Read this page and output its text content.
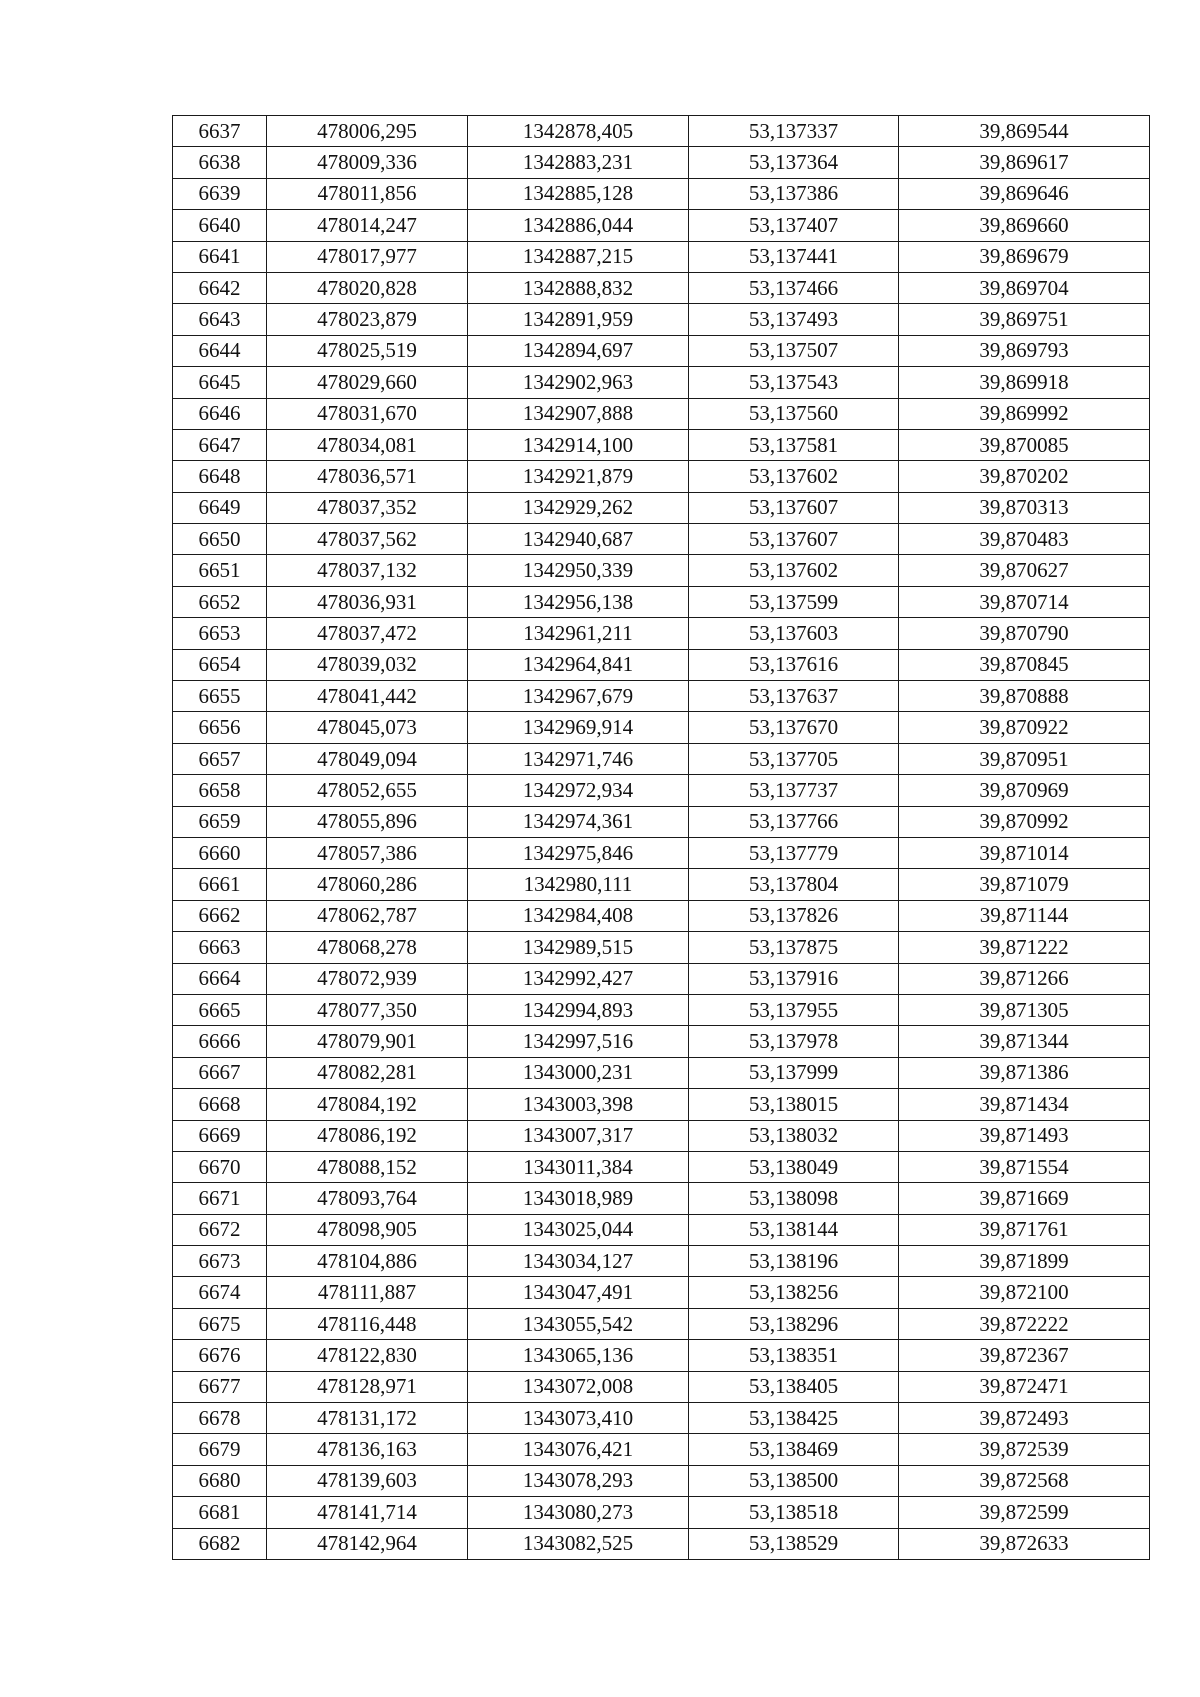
6637	478006,295	1342878,405	53,137337	39,869544
6638	478009,336	1342883,231	53,137364	39,869617
6639	478011,856	1342885,128	53,137386	39,869646
6640	478014,247	1342886,044	53,137407	39,869660
6641	478017,977	1342887,215	53,137441	39,869679
6642	478020,828	1342888,832	53,137466	39,869704
6643	478023,879	1342891,959	53,137493	39,869751
6644	478025,519	1342894,697	53,137507	39,869793
6645	478029,660	1342902,963	53,137543	39,869918
6646	478031,670	1342907,888	53,137560	39,869992
6647	478034,081	1342914,100	53,137581	39,870085
6648	478036,571	1342921,879	53,137602	39,870202
6649	478037,352	1342929,262	53,137607	39,870313
6650	478037,562	1342940,687	53,137607	39,870483
6651	478037,132	1342950,339	53,137602	39,870627
6652	478036,931	1342956,138	53,137599	39,870714
6653	478037,472	1342961,211	53,137603	39,870790
6654	478039,032	1342964,841	53,137616	39,870845
6655	478041,442	1342967,679	53,137637	39,870888
6656	478045,073	1342969,914	53,137670	39,870922
6657	478049,094	1342971,746	53,137705	39,870951
6658	478052,655	1342972,934	53,137737	39,870969
6659	478055,896	1342974,361	53,137766	39,870992
6660	478057,386	1342975,846	53,137779	39,871014
6661	478060,286	1342980,111	53,137804	39,871079
6662	478062,787	1342984,408	53,137826	39,871144
6663	478068,278	1342989,515	53,137875	39,871222
6664	478072,939	1342992,427	53,137916	39,871266
6665	478077,350	1342994,893	53,137955	39,871305
6666	478079,901	1342997,516	53,137978	39,871344
6667	478082,281	1343000,231	53,137999	39,871386
6668	478084,192	1343003,398	53,138015	39,871434
6669	478086,192	1343007,317	53,138032	39,871493
6670	478088,152	1343011,384	53,138049	39,871554
6671	478093,764	1343018,989	53,138098	39,871669
6672	478098,905	1343025,044	53,138144	39,871761
6673	478104,886	1343034,127	53,138196	39,871899
6674	478111,887	1343047,491	53,138256	39,872100
6675	478116,448	1343055,542	53,138296	39,872222
6676	478122,830	1343065,136	53,138351	39,872367
6677	478128,971	1343072,008	53,138405	39,872471
6678	478131,172	1343073,410	53,138425	39,872493
6679	478136,163	1343076,421	53,138469	39,872539
6680	478139,603	1343078,293	53,138500	39,872568
6681	478141,714	1343080,273	53,138518	39,872599
6682	478142,964	1343082,525	53,138529	39,872633
